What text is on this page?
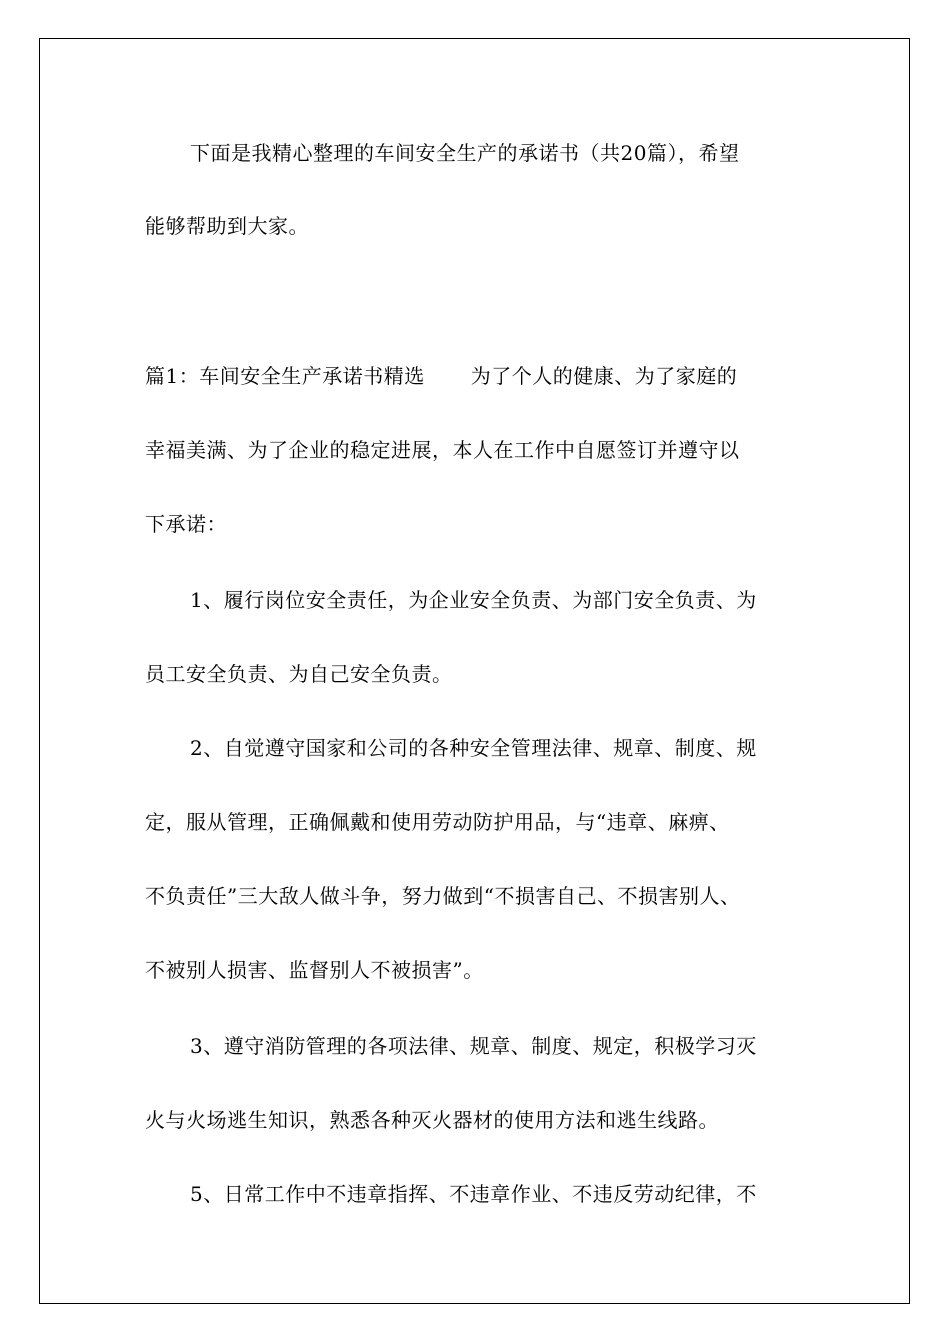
下面是我精心整理的车间安全生产的承诺书（共20篇），希望
能够帮助到大家。
篇1：车间安全生产承诺书精选 为了个人的健康、为了家庭的
幸福美满、为了企业的稳定进展，本人在工作中自愿签订并遵守以
下承诺：
1、履行岗位安全责任，为企业安全负责、为部门安全负责、为
员工安全负责、为自己安全负责。
2、自觉遵守国家和公司的各种安全管理法律、规章、制度、规
定，服从管理，正确佩戴和使用劳动防护用品，与“违章、麻痹、
不负责任”三大敌人做斗争，努力做到“不损害自己、不损害别人、
不被别人损害、监督别人不被损害”。
3、遵守消防管理的各项法律、规章、制度、规定，积极学习灭
火与火场逃生知识，熟悉各种灭火器材的使用方法和逃生线路。
5、日常工作中不违章指挥、不违章作业、不违反劳动纪律，不
